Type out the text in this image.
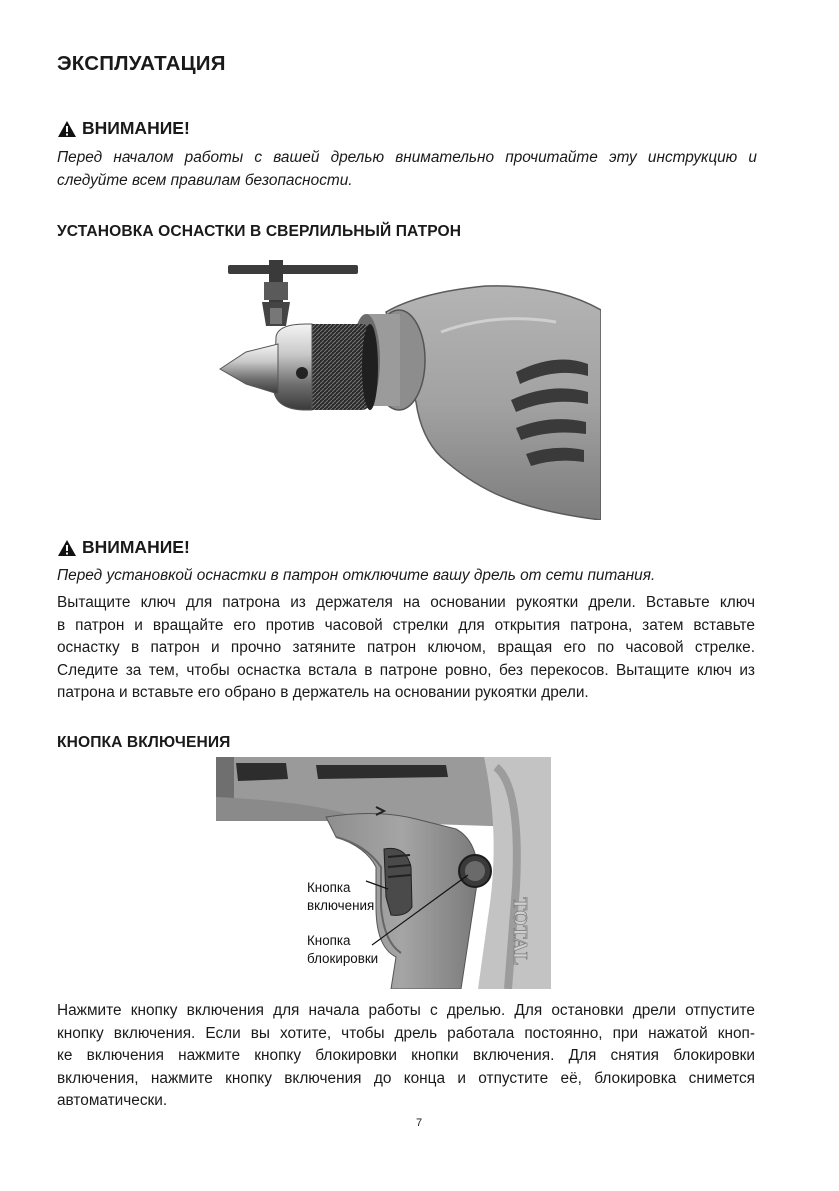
ЭКСПЛУАТАЦИЯ
ВНИМАНИЕ!
Перед началом работы с вашей дрелью внимательно прочитайте эту инструкцию и
следуйте всем правилам безопасности.
УСТАНОВКА ОСНАСТКИ В СВЕРЛИЛЬНЫЙ ПАТРОН
ВНИМАНИЕ!
Перед установкой оснастки в патрон отключите вашу дрель от сети питания.
Вытащите ключ для патрона из держателя на основании рукоятки дрели. Вставьте ключ
в патрон и вращайте его против часовой стрелки для открытия патрона, затем вставьте
оснастку в патрон и прочно затяните патрон ключом, вращая его по часовой стрелке.
Следите за тем, чтобы оснастка встала в патроне ровно, без перекосов. Вытащите ключ из
патрона и вставьте его обрано в держатель на основании рукоятки дрели.
КНОПКА ВКЛЮЧЕНИЯ
TOTAL
Кнопка
включения
Кнопка
блокировки
Нажмите кнопку включения для начала работы с дрелью. Для остановки дрели отпустите
кнопку включения. Если вы хотите, чтобы дрель работала постоянно, при нажатой кноп-
ке включения нажмите кнопку блокировки кнопки включения. Для снятия блокировки
включения, нажмите кнопку включения до конца и отпустите её, блокировка снимется
автоматически.
7
